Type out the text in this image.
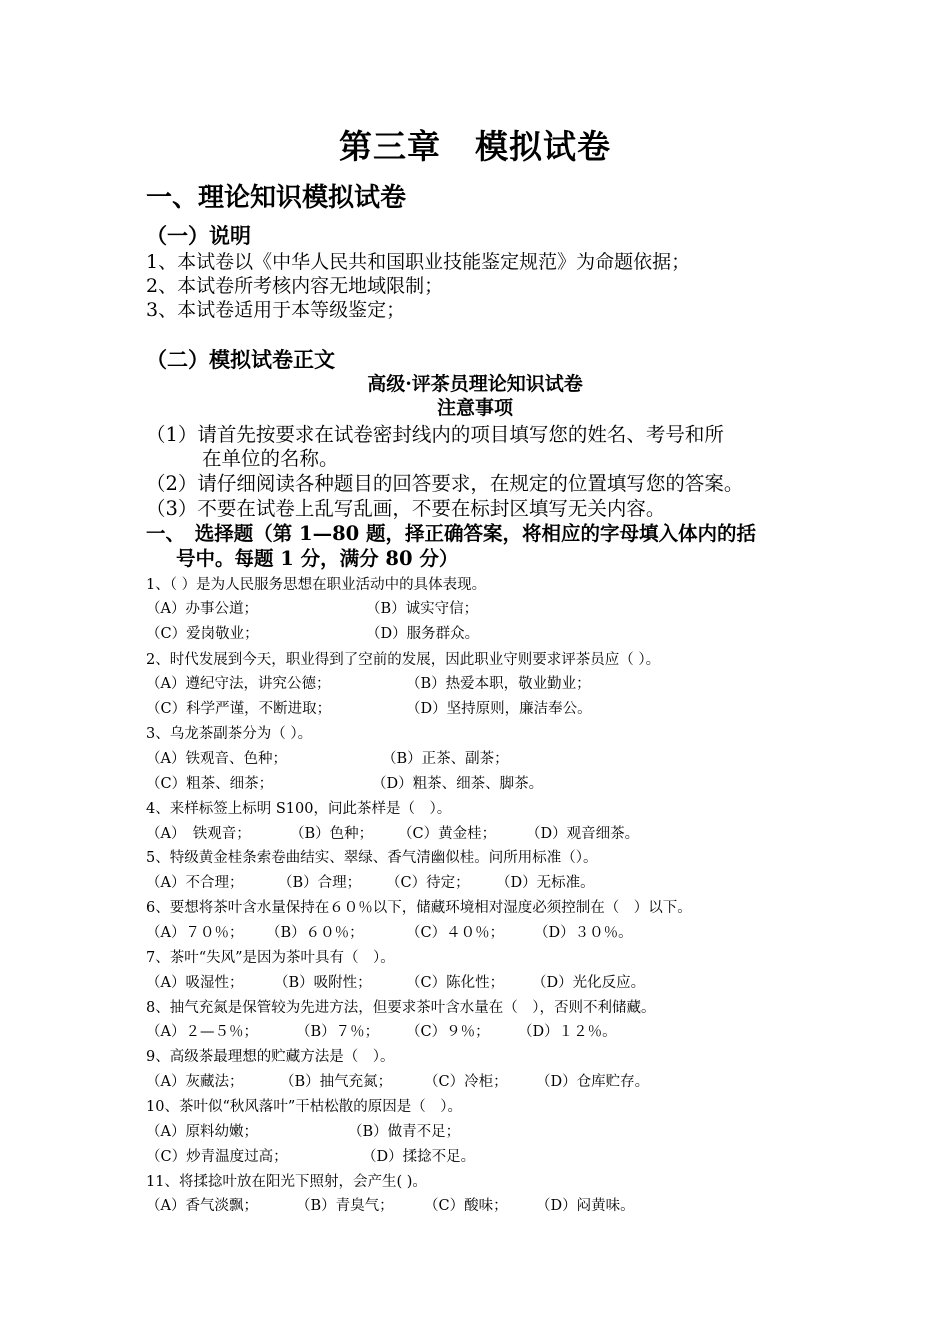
第三章　模拟试卷
一、理论知识模拟试卷
（一）说明
1、本试卷以《中华人民共和国职业技能鉴定规范》为命题依据；
2、本试卷所考核内容无地域限制；
3、本试卷适用于本等级鉴定；
（二）模拟试卷正文
高级·评茶员理论知识试卷
注意事项
（1）请首先按要求在试卷密封线内的项目填写您的姓名、考号和所
在单位的名称。
（2）请仔细阅读各种题目的回答要求，在规定的位置填写您的答案。
（3）不要在试卷上乱写乱画，不要在标封区填写无关内容。
一、　选择题（第 1—80 题，择正确答案，将相应的字母填入体内的括
号中。每题 1 分，满分 80 分）
1、（ ）是为人民服务思想在职业活动中的具体表现。
（A）办事公道；	（B）诚实守信；
（C）爱岗敬业；	（D）服务群众。
2、时代发展到今天，职业得到了空前的发展，因此职业守则要求评茶员应（ ）。
（A）遵纪守法，讲究公德；	（B）热爱本职，敬业勤业；
（C）科学严谨，不断进取；	（D）坚持原则，廉洁奉公。
3、乌龙茶副茶分为（ ）。
（A）铁观音、色种；	（B）正茶、副茶；
（C）粗茶、细茶；	（D）粗茶、细茶、脚茶。
4、来样标签上标明 S100，问此茶样是（　）。
（A）　铁观音；	（B）色种； （C）黄金桂； （D）观音细茶。
5、特级黄金桂条索卷曲结实、翠绿、香气清幽似桂。问所用标准（）。
（A）不合理； （B）合理； （C）待定； （D）无标准。
6、要想将茶叶含水量保持在６０％以下，储藏环境相对湿度必须控制在（　）以下。
（A）７０％； （B）６０％；	（C）４０％； （D）３０％。
7、茶叶“失风”是因为茶叶具有（　）。
（A）吸湿性； （B）吸附性； （C）陈化性； （D）光化反应。
8、抽气充氮是保管较为先进方法，但要求茶叶含水量在（　），否则不利储藏。
（A）２—５％；	（B）７％； （C）９％； （D）１２％。
9、高级茶最理想的贮藏方法是（　）。
（A）灰藏法；	（B）抽气充氮； （C）冷柜； （D）仓库贮存。
10、茶叶似“秋风落叶”干枯松散的原因是（　）。
（A）原料幼嫩；	（B）做青不足；
（C）炒青温度过高；	（D）揉捻不足。
11、将揉捻叶放在阳光下照射，会产生( )。
（A）香气淡飘；	（B）青臭气； （C）酸味； （D）闷黄味。
